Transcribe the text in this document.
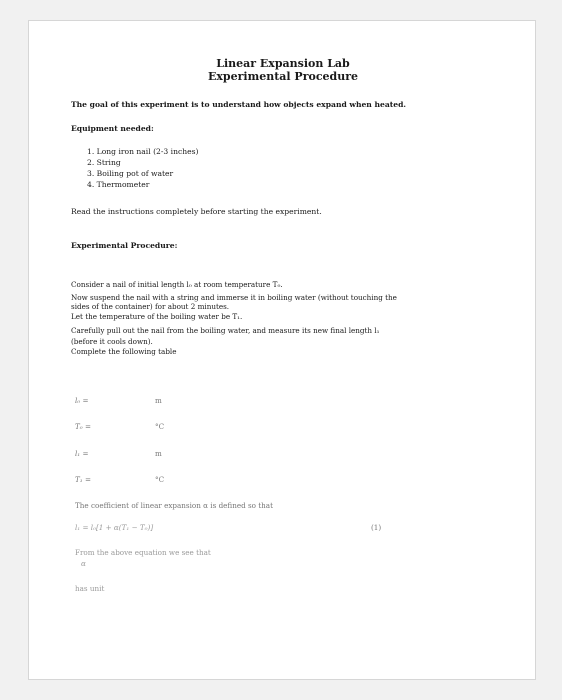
Linear Expansion Lab
Experimental Procedure
The goal of this experiment is to understand how objects expand when heated.
Equipment needed:
1. Long iron nail (2-3 inches)
2. String
3. Boiling pot of water
4. Thermometer
Read the instructions completely before starting the experiment.
Experimental Procedure:
Consider a nail of initial length l₀ at room temperature T₀.
Now suspend the nail with a string and immerse it in boiling water (without touching the
sides of the container) for about 2 minutes.
Let the temperature of the boiling water be T₁.
Carefully pull out the nail from the boiling water, and measure its new final length l₁
(before it cools down).
Complete the following table
l₀ =	m
T₀ =	°C
l₁ =	m
T₁ =	°C
The coefficient of linear expansion α is defined so that
l₁ = l₀[1 + α(T₁ − T₀)]	(1)
From the above equation we see that
α
has unit
